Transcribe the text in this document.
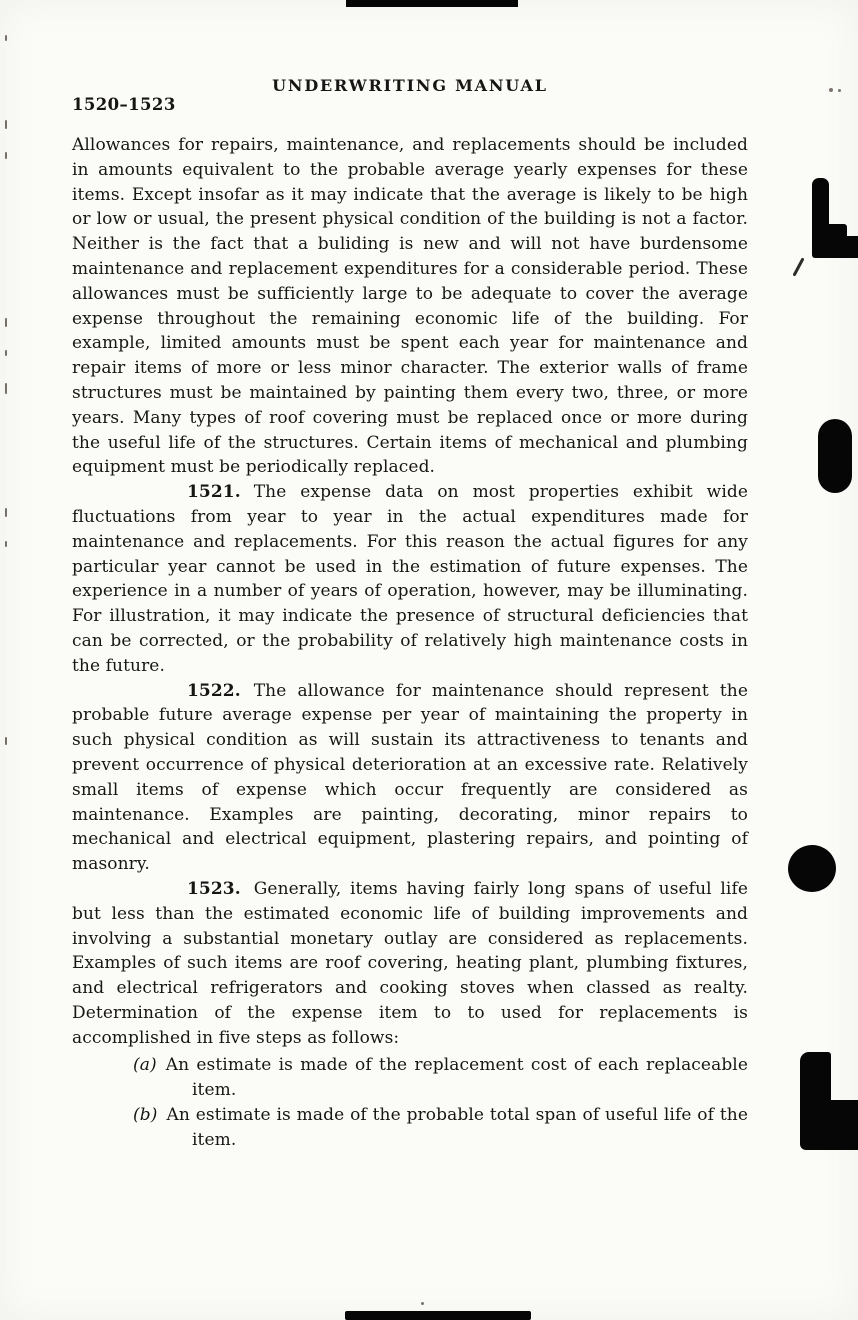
UNDERWRITING MANUAL
1520–1523

Allowances for repairs, maintenance, and replacements should be included in amounts equivalent to the probable average yearly expenses for these items. Except insofar as it may indicate that the average is likely to be high or low or usual, the present physical condition of the building is not a factor. Neither is the fact that a buliding is new and will not have burdensome maintenance and replacement expenditures for a considerable period. These allowances must be sufficiently large to be adequate to cover the average expense throughout the remaining economic life of the building. For example, limited amounts must be spent each year for maintenance and repair items of more or less minor character. The exterior walls of frame structures must be maintained by painting them every two, three, or more years. Many types of roof covering must be replaced once or more during the useful life of the structures. Certain items of mechanical and plumbing equipment must be periodically replaced.

1521. The expense data on most properties exhibit wide fluctuations from year to year in the actual expenditures made for maintenance and replacements. For this reason the actual figures for any particular year cannot be used in the estimation of future expenses. The experience in a number of years of operation, however, may be illuminating. For illustration, it may indicate the presence of structural deficiencies that can be corrected, or the probability of relatively high maintenance costs in the future.

1522. The allowance for maintenance should represent the probable future average expense per year of maintaining the property in such physical condition as will sustain its attractiveness to tenants and prevent occurrence of physical deterioration at an excessive rate. Relatively small items of expense which occur frequently are considered as maintenance. Examples are painting, decorating, minor repairs to mechanical and electrical equipment, plastering repairs, and pointing of masonry.

1523. Generally, items having fairly long spans of useful life but less than the estimated economic life of building improvements and involving a substantial monetary outlay are considered as replacements. Examples of such items are roof covering, heating plant, plumbing fixtures, and electrical refrigerators and cooking stoves when classed as realty. Determination of the expense item to to used for replacements is accomplished in five steps as follows:

(a) An estimate is made of the replacement cost of each replaceable item.

(b) An estimate is made of the probable total span of useful life of the item.
